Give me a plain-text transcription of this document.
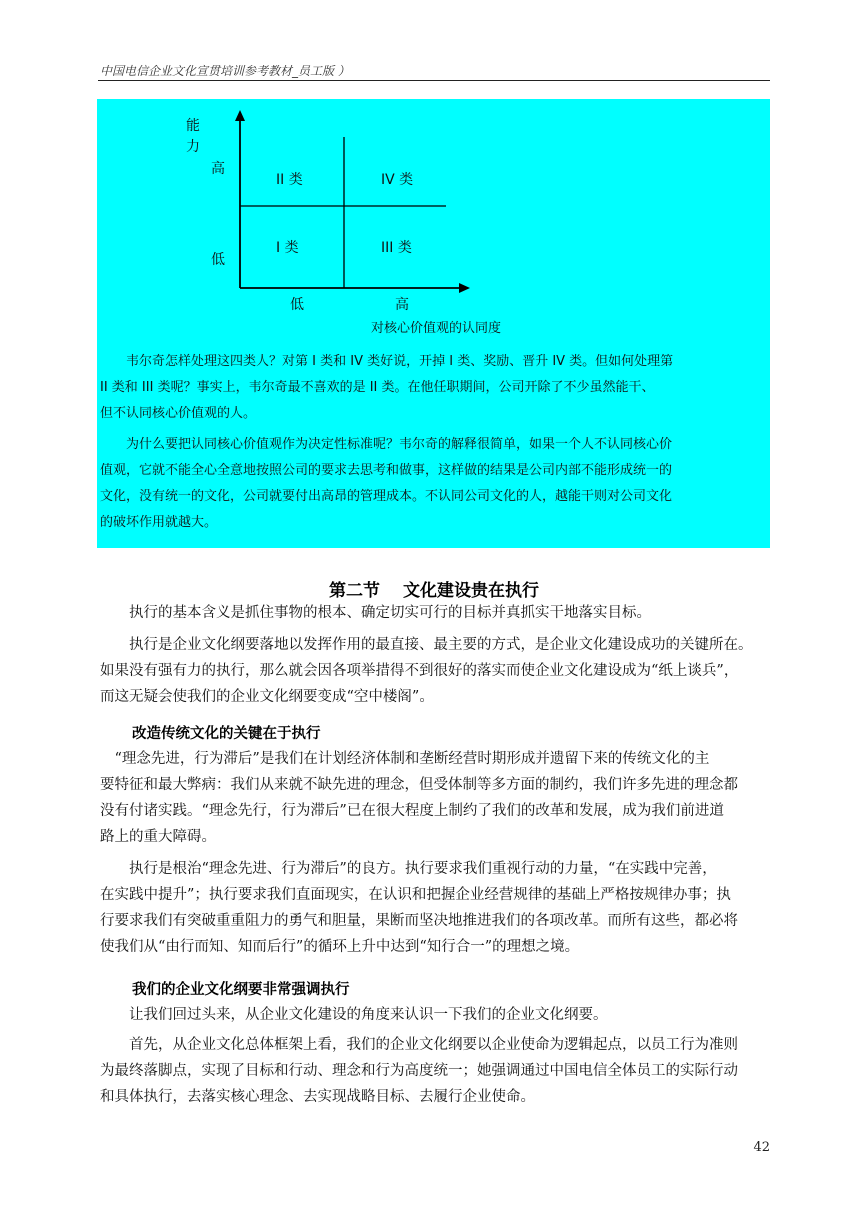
中国电信企业文化宣贯培训参考教材_员工版 ）
能
力
高
低
II 类	IV 类
I 类	III 类
低	高
对核心价值观的认同度
　　韦尔奇怎样处理这四类人？对第 I 类和 IV 类好说，开掉 I 类、奖励、晋升 IV 类。但如何处理第
II 类和 III 类呢？事实上，韦尔奇最不喜欢的是 II 类。在他任职期间，公司开除了不少虽然能干、
但不认同核心价值观的人。
　　为什么要把认同核心价值观作为决定性标准呢？韦尔奇的解释很简单，如果一个人不认同核心价
值观，它就不能全心全意地按照公司的要求去思考和做事，这样做的结果是公司内部不能形成统一的
文化，没有统一的文化，公司就要付出高昂的管理成本。不认同公司文化的人，越能干则对公司文化
的破坏作用就越大。
第二节　 文化建设贵在执行
　　执行的基本含义是抓住事物的根本、确定切实可行的目标并真抓实干地落实目标。
　　执行是企业文化纲要落地以发挥作用的最直接、最主要的方式，是企业文化建设成功的关键所在。
如果没有强有力的执行，那么就会因各项举措得不到很好的落实而使企业文化建设成为“纸上谈兵”，
而这无疑会使我们的企业文化纲要变成“空中楼阁”。
改造传统文化的关键在于执行
　“理念先进，行为滞后”是我们在计划经济体制和垄断经营时期形成并遗留下来的传统文化的主
要特征和最大弊病：我们从来就不缺先进的理念，但受体制等多方面的制约，我们许多先进的理念都
没有付诸实践。“理念先行，行为滞后”已在很大程度上制约了我们的改革和发展，成为我们前进道
路上的重大障碍。
　　执行是根治“理念先进、行为滞后”的良方。执行要求我们重视行动的力量，“在实践中完善，
在实践中提升”；执行要求我们直面现实，在认识和把握企业经营规律的基础上严格按规律办事；执
行要求我们有突破重重阻力的勇气和胆量，果断而坚决地推进我们的各项改革。而所有这些，都必将
使我们从“由行而知、知而后行”的循环上升中达到“知行合一”的理想之境。
我们的企业文化纲要非常强调执行
　　让我们回过头来，从企业文化建设的角度来认识一下我们的企业文化纲要。
　　首先，从企业文化总体框架上看，我们的企业文化纲要以企业使命为逻辑起点，以员工行为准则
为最终落脚点，实现了目标和行动、理念和行为高度统一；她强调通过中国电信全体员工的实际行动
和具体执行，去落实核心理念、去实现战略目标、去履行企业使命。
42
